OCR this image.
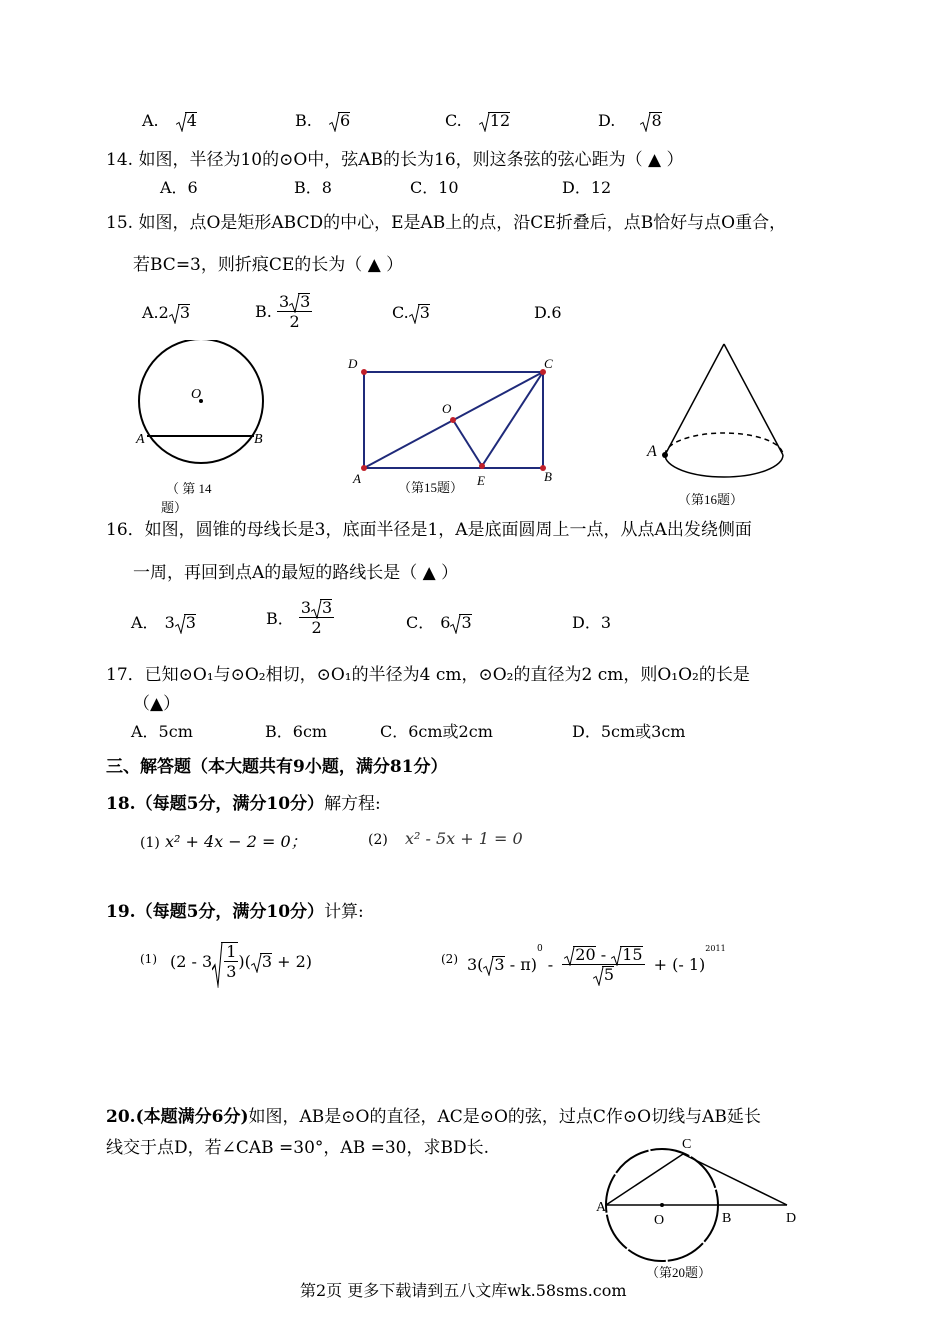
A. 4	B. 6	C. 12	D. 8
14. 如图，半径为10的⊙O中，弦AB的长为16，则这条弦的弦心距为（ ▲ ）
A．6	B．8	C．10	D．12
15. 如图，点O是矩形ABCD的中心，E是AB上的点，沿CE折叠后，点B恰好与点O重合，
若BC=3，则折痕CE的长为（ ▲ ）
A.2 3	B. $\frac{3 3}{2}$	C. 3	D.6
O
A	B
（ 第 14
题）
D	C
O
A	E	B
（第15题）
A
（第16题）
16．如图，圆锥的母线长是3，底面半径是1，A是底面圆周上一点，从点A出发绕侧面
一周，再回到点A的最短的路线长是（ ▲ ）
A． 3 3	B． $\frac{3 3}{2}$	C． 6 3	D．3
17．已知⊙O₁与⊙O₂相切，⊙O₁的半径为4 cm，⊙O₂的直径为2 cm，则O₁O₂的长是
（▲）
A．5cm	B．6cm	C．6cm或2cm	D．5cm或3cm
三、解答题（本大题共有9小题，满分81分）
18.（每题5分，满分10分）解方程:
(1) x² + 4x − 2 = 0；	(2) x² - 5x + 1 = 0
19.（每题5分，满分10分）计算:
(1) ($2 - 3 \frac{1}{3}$ )( 3 + 2)	(2) 3( 3 - π)$^0$ - 20 -
15
5 + (- 1)$^{2011}$
20.(本题满分6分)如图，AB是⊙O的直径，AC是⊙O的弦，过点C作⊙O切线与AB延长
线交于点D，若∠CAB =30°，AB =30，求BD长.	C
A
O	B	D
（第20题）
第2页 更多下载请到五八文库wk.58sms.com
